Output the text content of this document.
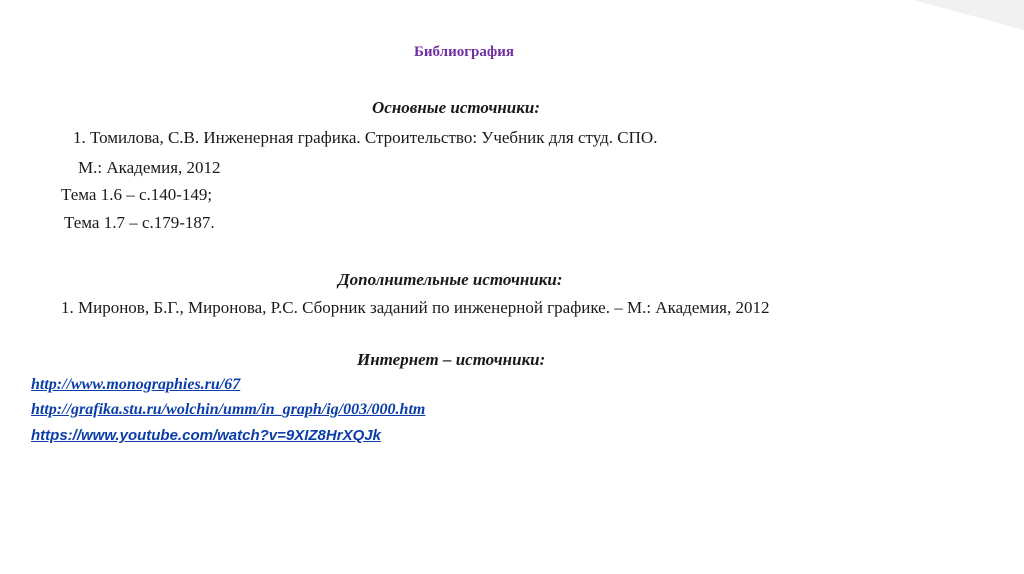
Библиография
Основные источники:
1. Томилова, С.В. Инженерная графика. Строительство: Учебник для студ. СПО.
М.: Академия, 2012
Тема 1.6 – с.140-149;
Тема 1.7 – с.179-187.
Дополнительные источники:
1. Миронов, Б.Г., Миронова, Р.С. Сборник заданий по инженерной графике. – М.: Академия, 2012
Интернет – источники:
http://www.monographies.ru/67
http://grafika.stu.ru/wolchin/umm/in_graph/ig/003/000.htm
https://www.youtube.com/watch?v=9XIZ8HrXQJk
